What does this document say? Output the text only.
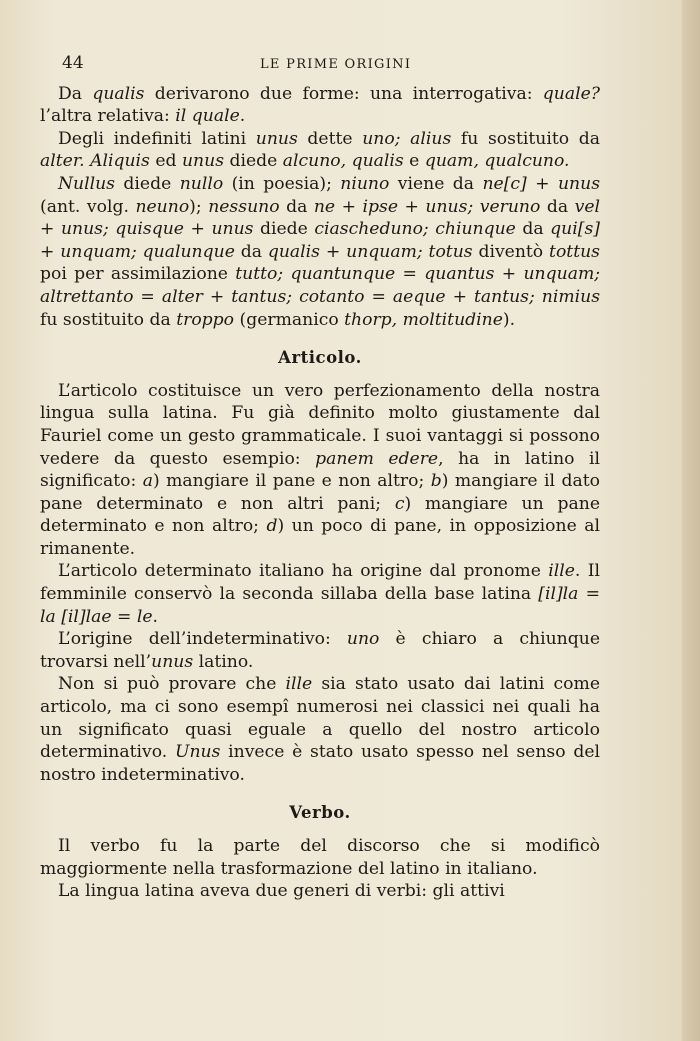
44	LE PRIME ORIGINI

Da qualis derivarono due forme: una interrogativa: quale? l’altra relativa: il quale.

Degli indefiniti latini unus dette uno; alius fu sostituito da alter. Aliquis ed unus diede alcuno, qualis e quam, qualcuno.

Nullus diede nullo (in poesia); niuno viene da ne[c] + unus (ant. volg. neuno); nessuno da ne + ipse + unus; veruno da vel + unus; quisque + unus diede ciascheduno; chiunque da qui[s] + unquam; qualunque da qualis + unquam; totus diventò tottus poi per assimilazione tutto; quantunque = quantus + unquam; altrettanto = alter + tantus; cotanto = aeque + tantus; nimius fu sostituito da troppo (germanico thorp, moltitudine).

Articolo.

L’articolo costituisce un vero perfezionamento della nostra lingua sulla latina. Fu già definito molto giustamente dal Fauriel come un gesto grammaticale. I suoi vantaggi si possono vedere da questo esempio: panem edere, ha in latino il significato: a) mangiare il pane e non altro; b) mangiare il dato pane determinato e non altri pani; c) mangiare un pane determinato e non altro; d) un poco di pane, in opposizione al rimanente.

L’articolo determinato italiano ha origine dal pronome ille. Il femminile conservò la seconda sillaba della base latina [il]la = la [il]lae = le.

L’origine dell’indeterminativo: uno è chiaro a chiunque trovarsi nell’unus latino.

Non si può provare che ille sia stato usato dai latini come articolo, ma ci sono esempî numerosi nei classici nei quali ha un significato quasi eguale a quello del nostro articolo determinativo. Unus invece è stato usato spesso nel senso del nostro indeterminativo.

Verbo.

Il verbo fu la parte del discorso che si modificò maggiormente nella trasformazione del latino in italiano.

La lingua latina aveva due generi di verbi: gli attivi
